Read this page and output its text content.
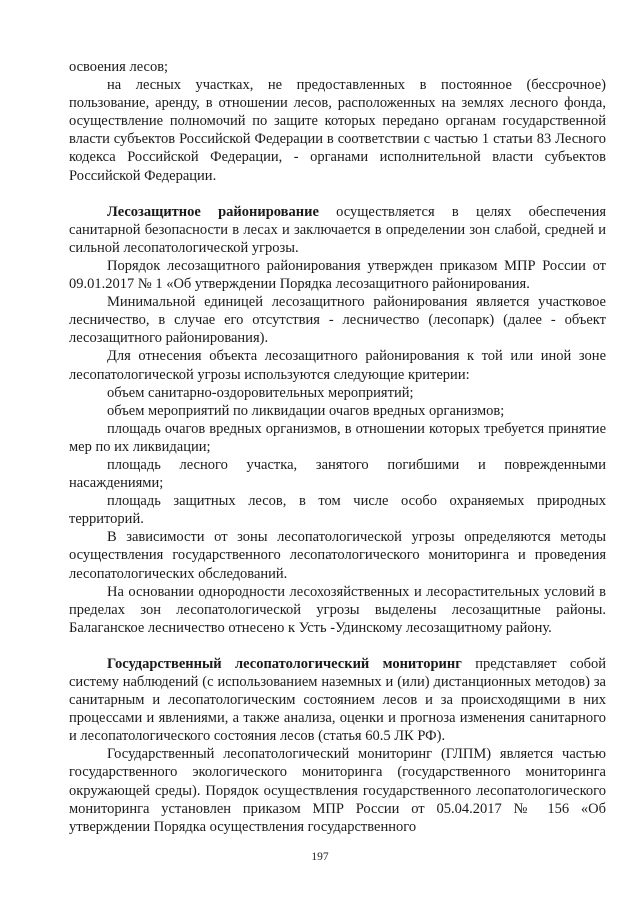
освоения лесов;

на лесных участках, не предоставленных в постоянное (бессрочное) пользование, аренду, в отношении лесов, расположенных на землях лесного фонда, осуществление полномочий по защите которых передано органам государственной власти субъектов Российской Федерации в соответствии с частью 1 статьи 83 Лесного кодекса Российской Федерации, - органами исполнительной власти субъектов Российской Федерации.

Лесозащитное районирование осуществляется в целях обеспечения санитарной безопасности в лесах и заключается в определении зон слабой, средней и сильной лесопатологической угрозы.

Порядок лесозащитного районирования утвержден приказом МПР России от 09.01.2017 № 1 «Об утверждении Порядка лесозащитного районирования.

Минимальной единицей лесозащитного районирования является участковое лесничество, в случае его отсутствия - лесничество (лесопарк) (далее - объект лесозащитного районирования).

Для отнесения объекта лесозащитного районирования к той или иной зоне лесопатологической угрозы используются следующие критерии:

объем санитарно-оздоровительных мероприятий;

объем мероприятий по ликвидации очагов вредных организмов;

площадь очагов вредных организмов, в отношении которых требуется принятие мер по их ликвидации;

площадь лесного участка, занятого погибшими и поврежденными насаждениями;

площадь защитных лесов, в том числе особо охраняемых природных территорий.

В зависимости от зоны лесопатологической угрозы определяются методы осуществления государственного лесопатологического мониторинга и проведения лесопатологических обследований.

На основании однородности лесохозяйственных и лесорастительных условий в пределах зон лесопатологической угрозы выделены лесозащитные районы. Балаганское лесничество отнесено к Усть -Удинскому лесозащитному району.

Государственный лесопатологический мониторинг представляет собой систему наблюдений (с использованием наземных и (или) дистанционных методов) за санитарным и лесопатологическим состоянием лесов и за происходящими в них процессами и явлениями, а также анализа, оценки и прогноза изменения санитарного и лесопатологического состояния лесов (статья 60.5 ЛК РФ).

Государственный лесопатологический мониторинг (ГЛПМ) является частью государственного экологического мониторинга (государственного мониторинга окружающей среды). Порядок осуществления государственного лесопатологического мониторинга установлен приказом МПР России от 05.04.2017 № 156 «Об утверждении Порядка осуществления государственного

197
